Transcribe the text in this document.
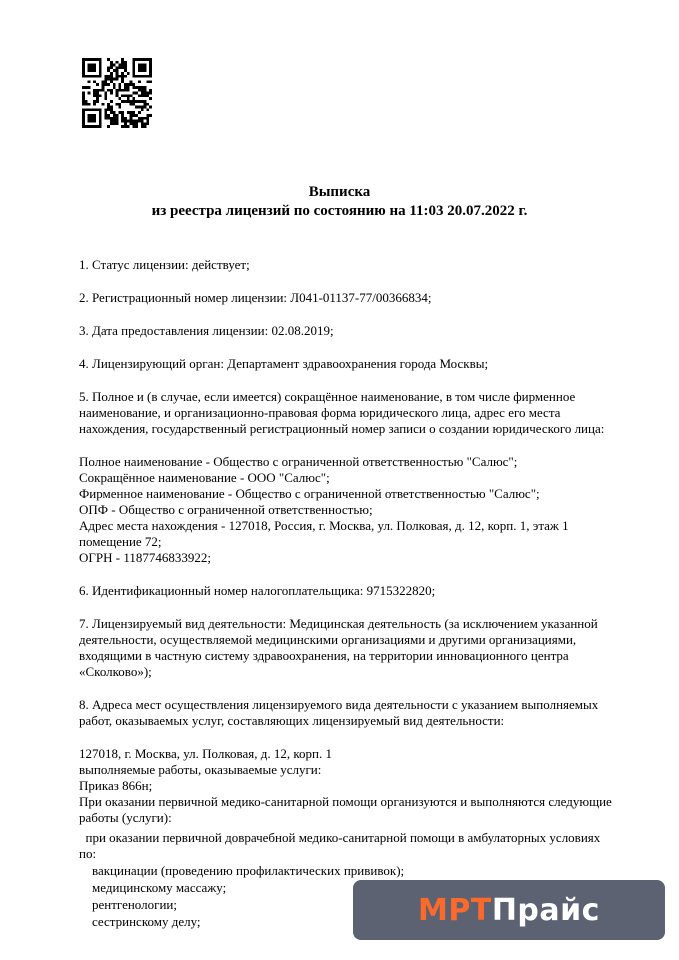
Выписка
из реестра лицензий по состоянию на 11:03 20.07.2022 г.
1. Статус лицензии: действует;
2. Регистрационный номер лицензии: Л041-01137-77/00366834;
3. Дата предоставления лицензии: 02.08.2019;
4. Лицензирующий орган: Департамент здравоохранения города Москвы;
5. Полное и (в случае, если имеется) сокращённое наименование, в том числе фирменное
наименование, и организационно-правовая форма юридического лица, адрес его места
нахождения, государственный регистрационный номер записи о создании юридического лица:
Полное наименование - Общество с ограниченной ответственностью "Салюс";
Сокращённое наименование - ООО "Салюс";
Фирменное наименование - Общество с ограниченной ответственностью "Салюс";
ОПФ - Общество с ограниченной ответственностью;
Адрес места нахождения - 127018, Россия, г. Москва, ул. Полковая, д. 12, корп. 1, этаж 1
помещение 72;
ОГРН - 1187746833922;
6. Идентификационный номер налогоплательщика: 9715322820;
7. Лицензируемый вид деятельности: Медицинская деятельность (за исключением указанной
деятельности, осуществляемой медицинскими организациями и другими организациями,
входящими в частную систему здравоохранения, на территории инновационного центра
«Сколково»);
8. Адреса мест осуществления лицензируемого вида деятельности с указанием выполняемых
работ, оказываемых услуг, составляющих лицензируемый вид деятельности:
127018, г. Москва, ул. Полковая, д. 12, корп. 1
выполняемые работы, оказываемые услуги:
Приказ 866н;
При оказании первичной медико-санитарной помощи организуются и выполняются следующие
работы (услуги):
при оказании первичной доврачебной медико-санитарной помощи в амбулаторных условиях
по:
вакцинации (проведению профилактических прививок);
медицинскому массажу;
рентгенологии;
сестринскому делу;	МРТ Прайс
